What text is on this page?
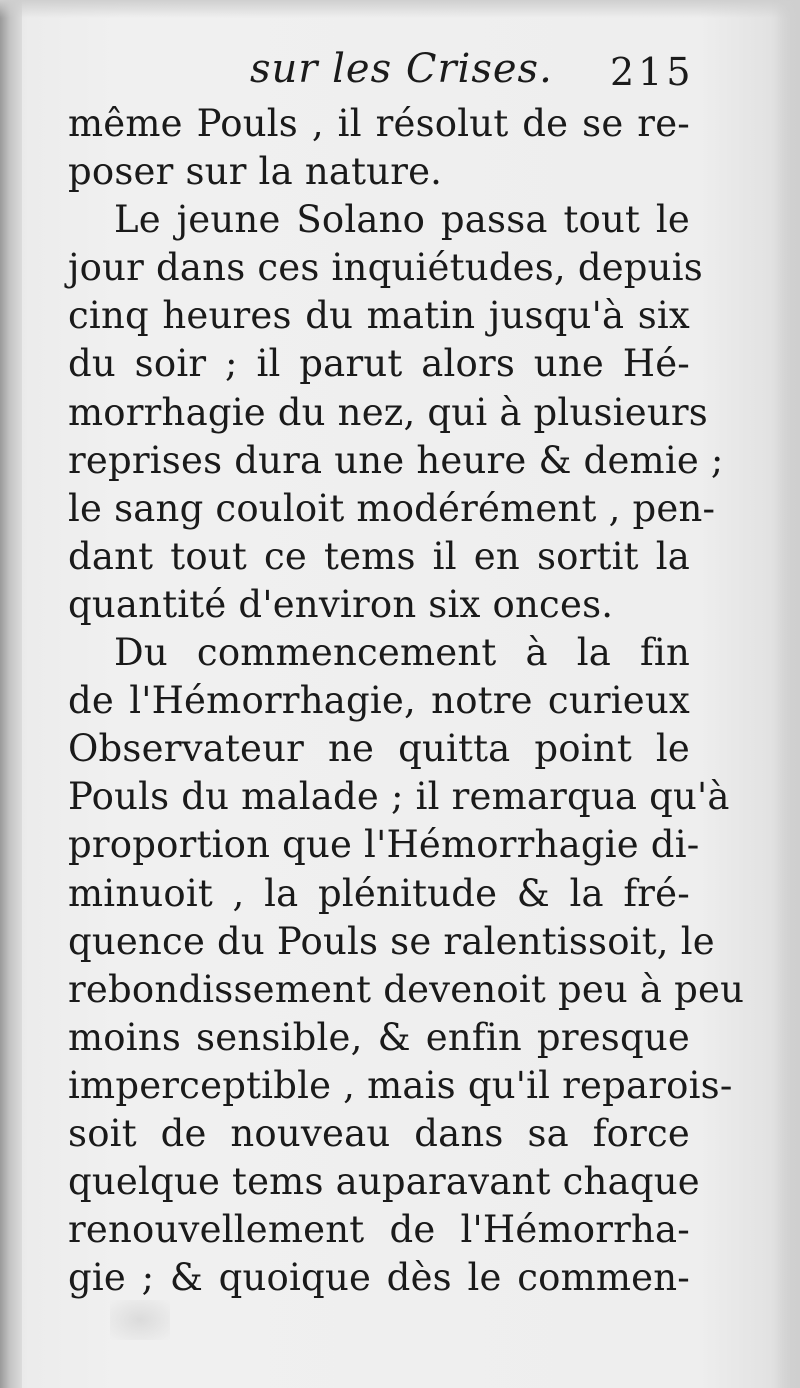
sur les Crises. 215
même Pouls , il résolut de se re-
poser sur la nature.
Le jeune Solano passa tout le
jour dans ces inquiétudes, depuis
cinq heures du matin jusqu'à six
du soir ; il parut alors une Hé-
morrhagie du nez, qui à plusieurs
reprises dura une heure & demie ;
le sang couloit modérément , pen-
dant tout ce tems il en sortit la
quantité d'environ six onces.
Du commencement à la fin
de l'Hémorrhagie, notre curieux
Observateur ne quitta point le
Pouls du malade ; il remarqua qu'à
proportion que l'Hémorrhagie di-
minuoit , la plénitude & la fré-
quence du Pouls se ralentissoit, le
rebondissement devenoit peu à peu
moins sensible, & enfin presque
imperceptible , mais qu'il reparois-
soit de nouveau dans sa force
quelque tems auparavant chaque
renouvellement de l'Hémorrha-
gie ; & quoique dès le commen-
